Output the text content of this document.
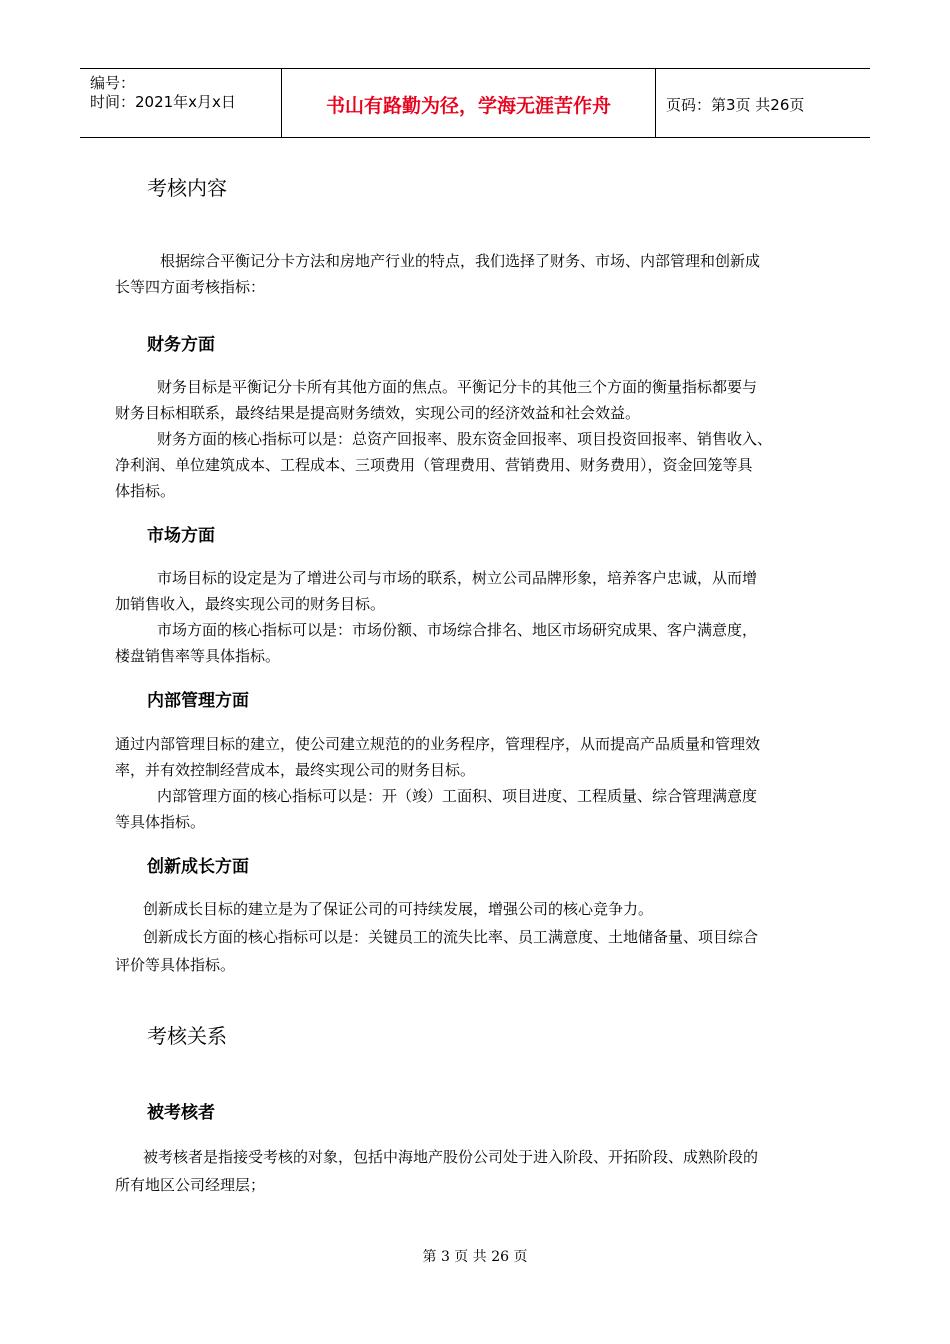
编号：
时间：2021年x月x日	书山有路勤为径，学海无涯苦作舟	页码：第3页 共26页
考核内容
根据综合平衡记分卡方法和房地产行业的特点，我们选择了财务、市场、内部管理和创新成
长等四方面考核指标：
财务方面
财务目标是平衡记分卡所有其他方面的焦点。平衡记分卡的其他三个方面的衡量指标都要与
财务目标相联系，最终结果是提高财务绩效，实现公司的经济效益和社会效益。
财务方面的核心指标可以是：总资产回报率、股东资金回报率、项目投资回报率、销售收入、
净利润、单位建筑成本、工程成本、三项费用（管理费用、营销费用、财务费用），资金回笼等具
体指标。
市场方面
市场目标的设定是为了增进公司与市场的联系，树立公司品牌形象，培养客户忠诚，从而增
加销售收入，最终实现公司的财务目标。
市场方面的核心指标可以是：市场份额、市场综合排名、地区市场研究成果、客户满意度，
楼盘销售率等具体指标。
内部管理方面
通过内部管理目标的建立，使公司建立规范的的业务程序，管理程序，从而提高产品质量和管理效
率，并有效控制经营成本，最终实现公司的财务目标。
内部管理方面的核心指标可以是：开（竣）工面积、项目进度、工程质量、综合管理满意度
等具体指标。
创新成长方面
创新成长目标的建立是为了保证公司的可持续发展，增强公司的核心竞争力。
创新成长方面的核心指标可以是：关键员工的流失比率、员工满意度、土地储备量、项目综合
评价等具体指标。
考核关系
被考核者
被考核者是指接受考核的对象，包括中海地产股份公司处于进入阶段、开拓阶段、成熟阶段的
所有地区公司经理层；
第 3 页 共 26 页
